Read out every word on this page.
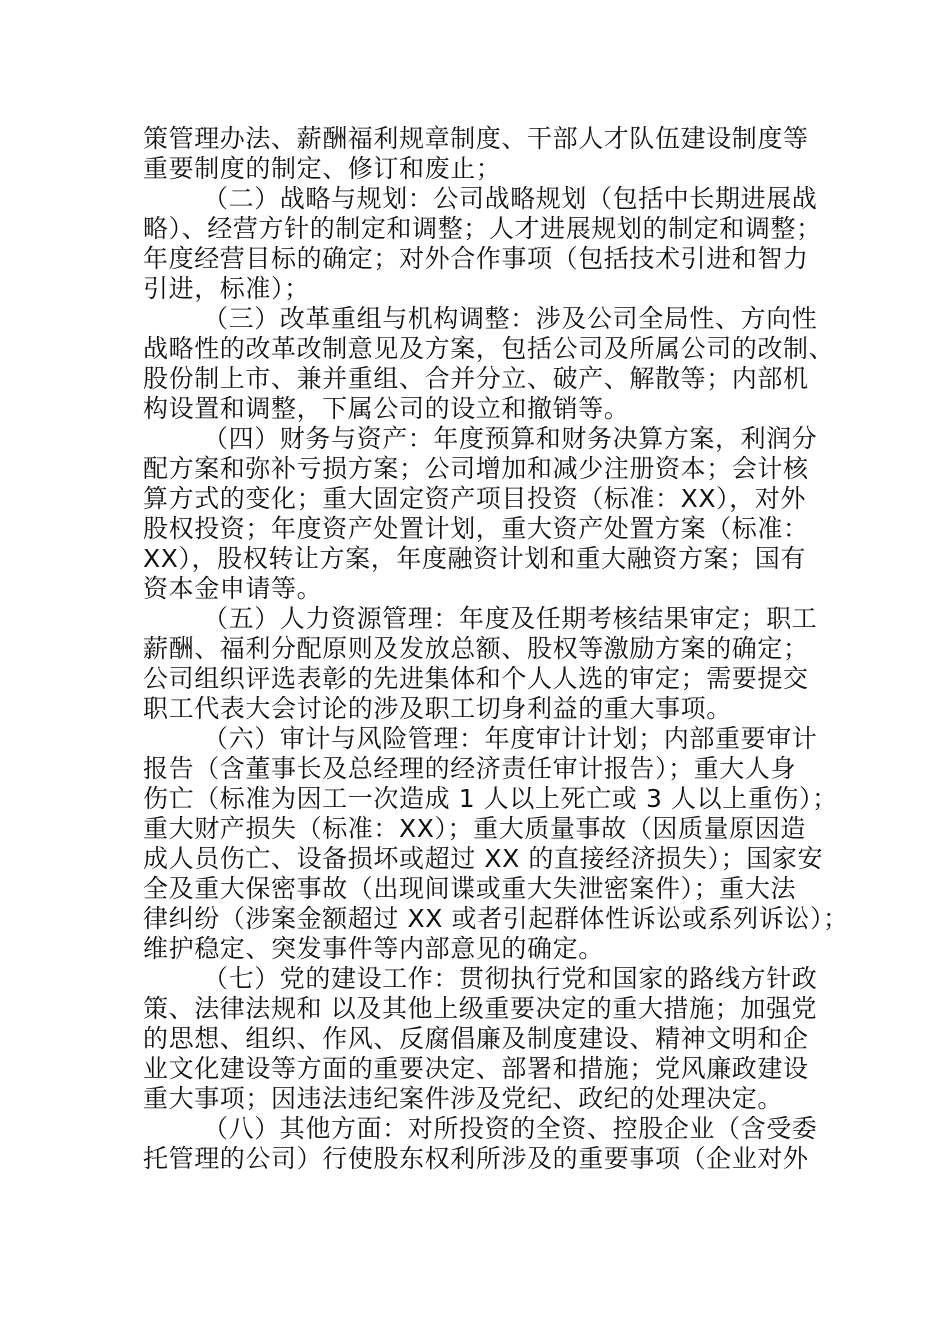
策管理办法、薪酬福利规章制度、干部人才队伍建设制度等
重要制度的制定、修订和废止；
（二）战略与规划：公司战略规划（包括中长期进展战
略）、经营方针的制定和调整；人才进展规划的制定和调整；
年度经营目标的确定；对外合作事项（包括技术引进和智力
引进，标准）；
（三）改革重组与机构调整：涉及公司全局性、方向性
战略性的改革改制意见及方案，包括公司及所属公司的改制、
股份制上市、兼并重组、合并分立、破产、解散等；内部机
构设置和调整，下属公司的设立和撤销等。
（四）财务与资产：年度预算和财务决算方案，利润分
配方案和弥补亏损方案；公司增加和减少注册资本；会计核
算方式的变化；重大固定资产项目投资（标准：XX），对外
股权投资；年度资产处置计划，重大资产处置方案（标准：
XX），股权转让方案，年度融资计划和重大融资方案；国有
资本金申请等。
（五）人力资源管理：年度及任期考核结果审定；职工
薪酬、福利分配原则及发放总额、股权等激励方案的确定；
公司组织评选表彰的先进集体和个人人选的审定；需要提交
职工代表大会讨论的涉及职工切身利益的重大事项。
（六）审计与风险管理：年度审计计划；内部重要审计
报告（含董事长及总经理的经济责任审计报告）；重大人身
伤亡（标准为因工一次造成 1 人以上死亡或 3 人以上重伤）；
重大财产损失（标准：XX）；重大质量事故（因质量原因造
成人员伤亡、设备损坏或超过 XX 的直接经济损失）；国家安
全及重大保密事故（出现间谍或重大失泄密案件）；重大法
律纠纷（涉案金额超过 XX 或者引起群体性诉讼或系列诉讼）；
维护稳定、突发事件等内部意见的确定。
（七）党的建设工作：贯彻执行党和国家的路线方针政
策、法律法规和 以及其他上级重要决定的重大措施；加强党
的思想、组织、作风、反腐倡廉及制度建设、精神文明和企
业文化建设等方面的重要决定、部署和措施；党风廉政建设
重大事项；因违法违纪案件涉及党纪、政纪的处理决定。
（八）其他方面：对所投资的全资、控股企业（含受委
托管理的公司）行使股东权利所涉及的重要事项（企业对外
